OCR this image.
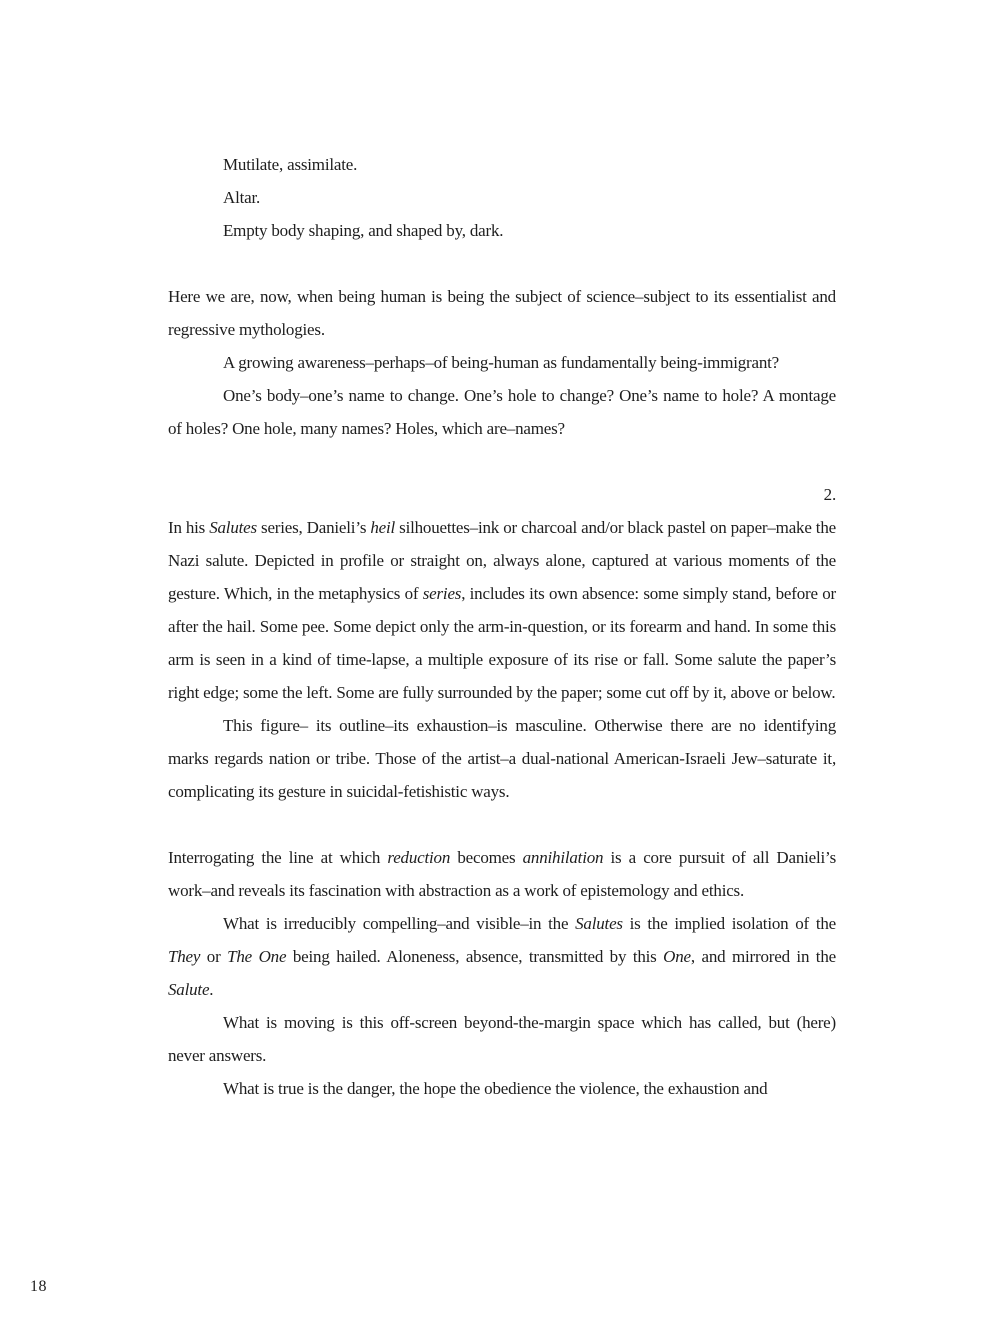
Mutilate, assimilate.
Altar.
Empty body shaping, and shaped by, dark.

Here we are, now, when being human is being the subject of science–subject to its essentialist and regressive mythologies.

A growing awareness–perhaps–of being-human as fundamentally being-immigrant?

One’s body–one’s name to change. One’s hole to change? One’s name to hole? A montage of holes? One hole, many names? Holes, which are–names?

2.

In his Salutes series, Danieli’s heil silhouettes–ink or charcoal and/or black pastel on paper–make the Nazi salute. Depicted in profile or straight on, always alone, captured at various moments of the gesture. Which, in the metaphysics of series, includes its own absence: some simply stand, before or after the hail. Some pee. Some depict only the arm-in-question, or its forearm and hand. In some this arm is seen in a kind of time-lapse, a multiple exposure of its rise or fall. Some salute the paper’s right edge; some the left. Some are fully surrounded by the paper; some cut off by it, above or below.

This figure– its outline–its exhaustion–is masculine. Otherwise there are no identifying marks regards nation or tribe. Those of the artist–a dual-national American-Israeli Jew–saturate it, complicating its gesture in suicidal-fetishistic ways.

Interrogating the line at which reduction becomes annihilation is a core pursuit of all Danieli’s work–and reveals its fascination with abstraction as a work of epistemology and ethics.

What is irreducibly compelling–and visible–in the Salutes is the implied isolation of the They or The One being hailed. Aloneness, absence, transmitted by this One, and mirrored in the Salute.

What is moving is this off-screen beyond-the-margin space which has called, but (here) never answers.

What is true is the danger, the hope the obedience the violence, the exhaustion and

18
